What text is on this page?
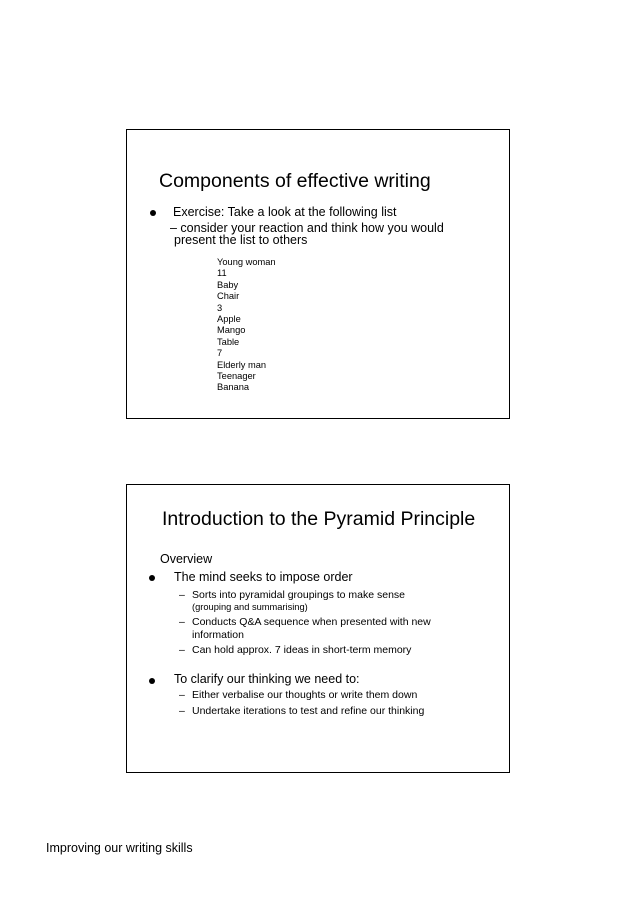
Components of effective writing
Exercise: Take a look at the following list
– consider your reaction and think how you would
present the list to others
Young woman
11
Baby
Chair
3
Apple
Mango
Table
7
Elderly man
Teenager
Banana
Introduction to the Pyramid Principle
Overview
The mind seeks to impose order
– Sorts into pyramidal groupings to make sense
(grouping and summarising)
– Conducts Q&A sequence when presented with new
information
– Can hold approx. 7 ideas in short-term memory
To clarify our thinking we need to:
– Either verbalise our thoughts or write them down
– Undertake iterations to test and refine our thinking
Improving our writing skills
